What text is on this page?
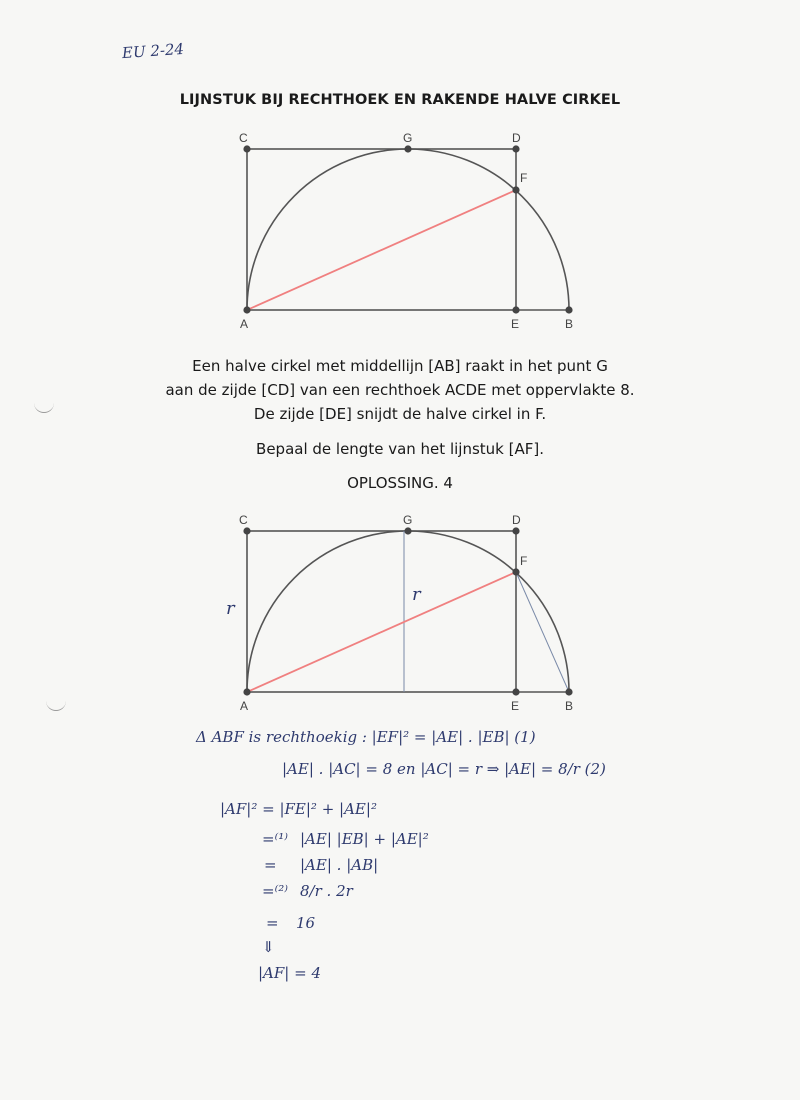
EU 2-24
LIJNSTUK BIJ RECHTHOEK EN RAKENDE HALVE CIRKEL
C	G	D
F
A	E	B
Een halve cirkel met middellijn [AB] raakt in het punt G
aan de zijde [CD] van een rechthoek ACDE met oppervlakte 8.
De zijde [DE] snijdt de halve cirkel in F.
Bepaal de lengte van het lijnstuk [AF].
OPLOSSING. 4
C	G	D
F
A	E	B
r
r
Δ ABF is rechthoekig : |EF|² = |AE| . |EB| (1)
|AE| . |AC| = 8 en |AC| = r ⇒ |AE| = 8/r (2)
|AF|² = |FE|² + |AE|²
=⁽¹⁾ |AE| |EB| + |AE|²
= |AE| . |AB|
=⁽²⁾ 8/r . 2r
= 16
⇓
|AF| = 4
